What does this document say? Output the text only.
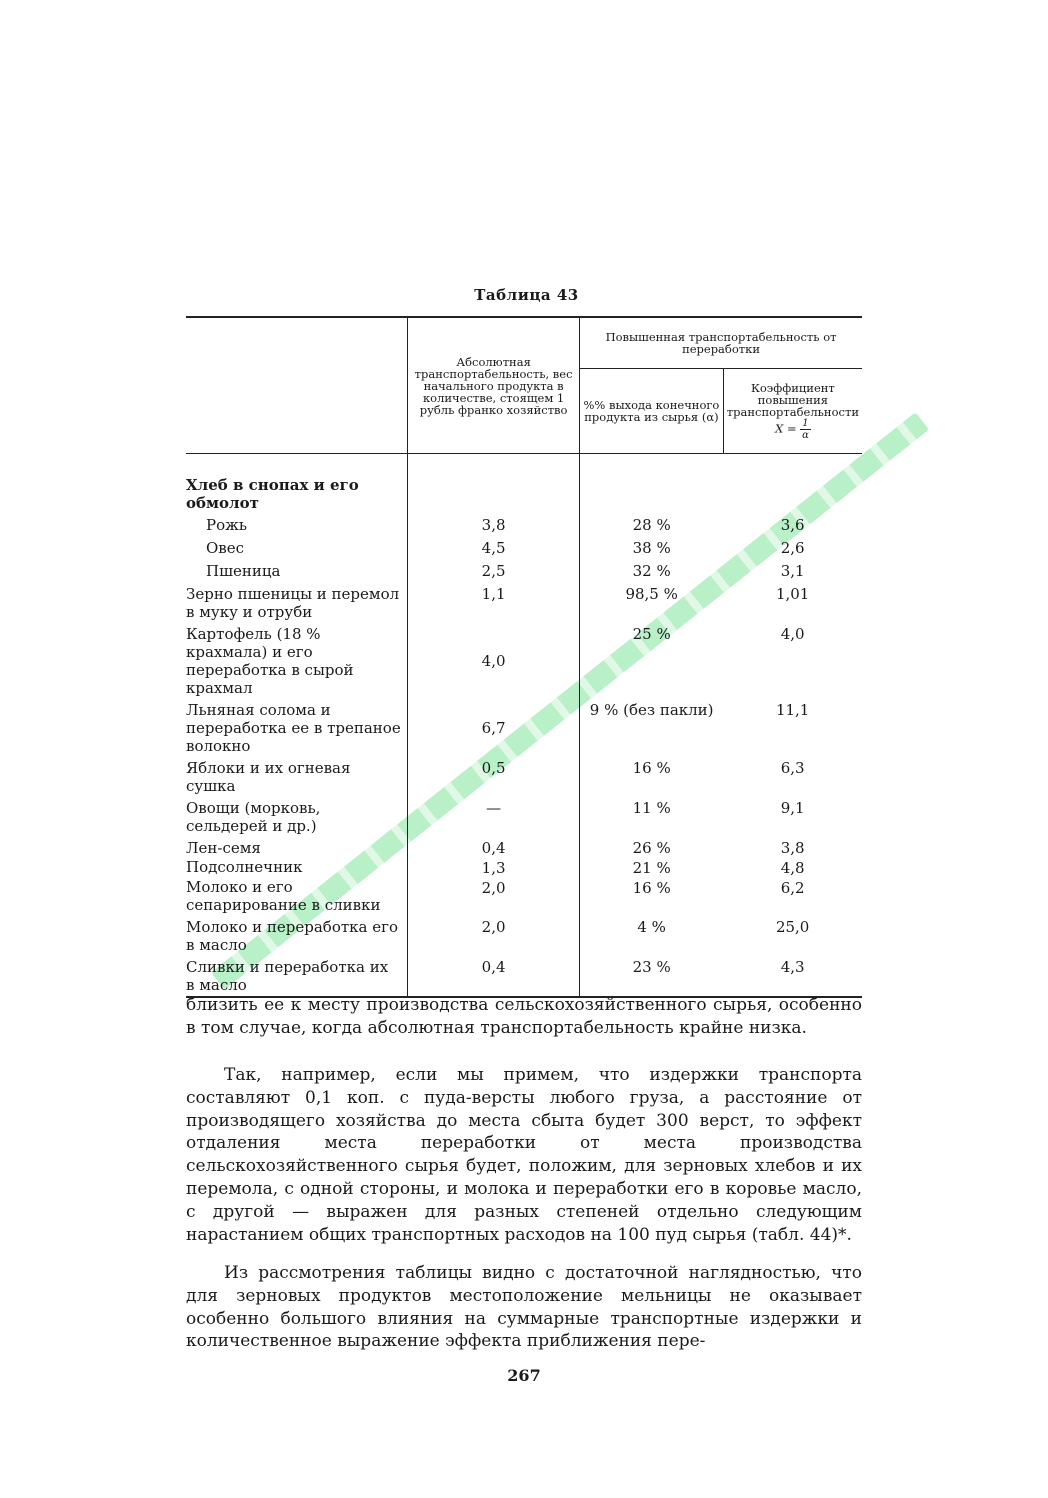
Таблица 43
	Абсолютная транспортабельность, вес начального продукта в количестве, стоящем 1 рубль франко хозяйство	Повышенная транспортабельность от переработки	
		%% выхода конечного продукта из сырья (α)	Коэффициент повышения транспортабельности
$X = \frac{1}{\alpha}$

Хлеб в снопах и его обмолот			
Рожь	3,8	28 %	3,6
Овес	4,5	38 %	2,6
Пшеница	2,5	32 %	3,1
Зерно пшеницы и перемол в муку и отруби	1,1	98,5 %	1,01
Картофель (18 % крахмала) и его переработка в сырой крахмал	4,0	25 %	4,0
Льняная солома и переработка ее в трепаное волокно	6,7	9 % (без пакли)	11,1
Яблоки и их огневая сушка	0,5	16 %	6,3
Овощи (морковь, сельдерей и др.)	—	11 %	9,1
Лен-семя	0,4	26 %	3,8
Подсолнечник	1,3	21 %	4,8
Молоко и его сепарирование в сливки	2,0	16 %	6,2
Молоко и переработка его в масло	2,0	4 %	25,0
Сливки и переработка их в масло	0,4	23 %	4,3

близить ее к месту производства сельскохозяйственного сырья, особенно в том случае, когда абсолютная транспортабельность крайне низка.

Так, например, если мы примем, что издержки транспорта составляют 0,1 коп. с пуда-версты любого груза, а расстояние от производящего хозяйства до места сбыта будет 300 верст, то эффект отдаления места переработки от места производства сельскохозяйственного сырья будет, положим, для зерновых хлебов и их перемола, с одной стороны, и молока и переработки его в коровье масло, с другой — выражен для разных степеней отдельно следующим нарастанием общих транспортных расходов на 100 пуд сырья (табл. 44)*.

Из рассмотрения таблицы видно с достаточной наглядностью, что для зерновых продуктов местоположение мельницы не оказывает особенно большого влияния на суммарные транспортные издержки и количественное выражение эффекта приближения пере-

267
